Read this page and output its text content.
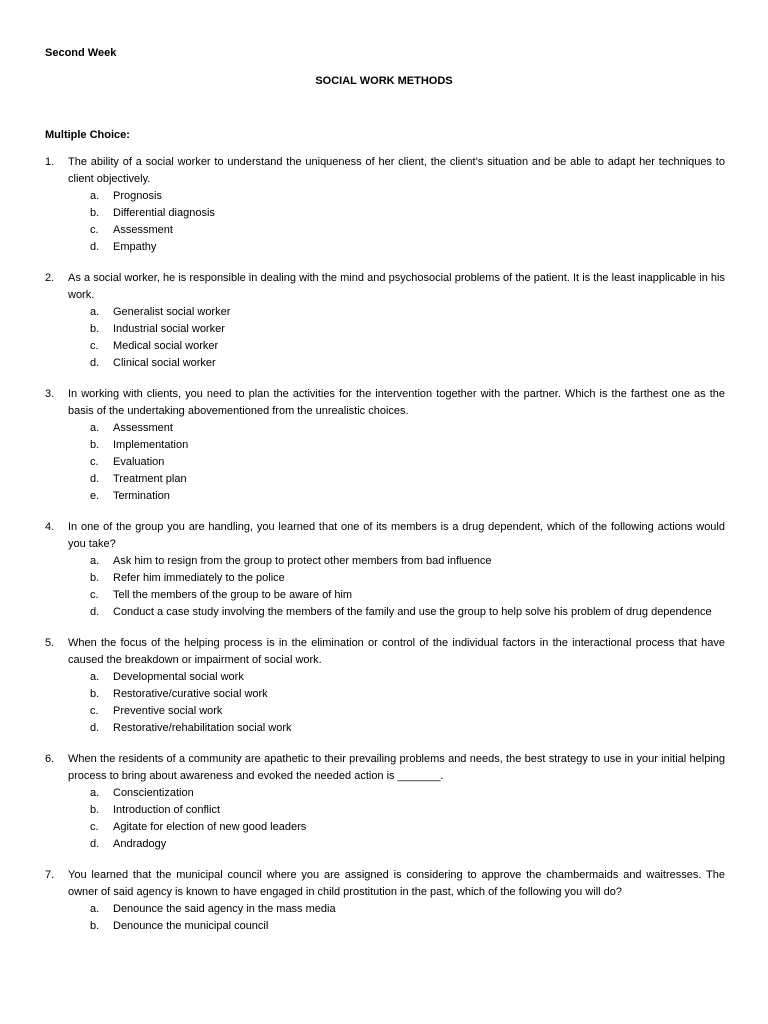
Second Week
SOCIAL WORK METHODS
Multiple Choice:
1.	The ability of a social worker to understand the uniqueness of her client, the client’s situation and be able to adapt her techniques to client objectively.
a. Prognosis
b. Differential diagnosis
c. Assessment
d. Empathy
2.	As a social worker, he is responsible in dealing with the mind and psychosocial problems of the patient. It is the least inapplicable in his work.
a. Generalist social worker
b. Industrial social worker
c. Medical social worker
d. Clinical social worker
3.	In working with clients, you need to plan the activities for the intervention together with the partner. Which is the farthest one as the basis of the undertaking abovementioned from the unrealistic choices.
a. Assessment
b. Implementation
c. Evaluation
d. Treatment plan
e. Termination
4.	In one of the group you are handling, you learned that one of its members is a drug dependent, which of the following actions would you take?
a. Ask him to resign from the group to protect other members from bad influence
b. Refer him immediately to the police
c. Tell the members of the group to be aware of him
d. Conduct a case study involving the members of the family and use the group to help solve his problem of drug dependence
5.	When the focus of the helping process is in the elimination or control of the individual factors in the interactional process that have caused the breakdown or impairment of social work.
a. Developmental social work
b. Restorative/curative social work
c. Preventive social work
d. Restorative/rehabilitation social work
6.	When the residents of a community are apathetic to their prevailing problems and needs, the best strategy to use in your initial helping process to bring about awareness and evoked the needed action is _______.
a. Conscientization
b. Introduction of conflict
c. Agitate for election of new good leaders
d. Andradogy
7.	You learned that the municipal council where you are assigned is considering to approve the chambermaids and waitresses. The owner of said agency is known to have engaged in child prostitution in the past, which of the following you will do?
a. Denounce the said agency in the mass media
b. Denounce the municipal council
